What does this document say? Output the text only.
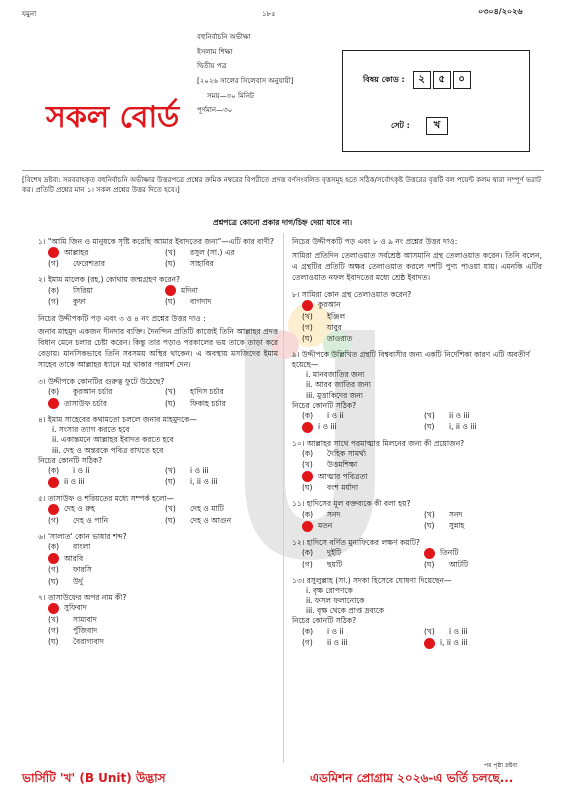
যমুনা	১৮৫	০৩০৪/২০২৬
বহুনির্বাচনি অভীক্ষা
ইসলাম শিক্ষা
দ্বিতীয় পত্র
[২০২৬ সালের সিলেবাস অনুযায়ী]
সময়—৩০ মিনিট
পূর্ণমান—৩০
সকল বোর্ড
বিষয় কোড :	২	৫	০
সেট :	খ
[বিশেষ দ্রষ্টব্য: সরবরাহকৃত বহুনির্বাচনি অভীক্ষার উত্তরপত্রে প্রশ্নের ক্রমিক নম্বরের বিপরীতে প্রদত্ত বর্ণসংবলিত বৃত্তসমূহ হতে সঠিক/সর্বোৎকৃষ্ট উত্তরের বৃত্তটি বল পয়েন্ট কলম দ্বারা সম্পূর্ণ ভরাট কর। প্রতিটি প্রশ্নের মান ১। সকল প্রশ্নের উত্তর দিতে হবে।]
প্রশ্নপত্রে কোনো প্রকার দাগ/চিহ্ন দেয়া যাবে না।
১। "আমি জিন ও মানুষকে সৃষ্টি করেছি আমার ইবাদতের জন্য"—এটি কার বাণী?
আল্লাহর	(খ)	রসুল (সা.) এর
(গ)	ফেরেশতার	(ঘ)	সাহাবির
২। ইমাম মালেক (রহ.) কোথায় জন্মগ্রহণ করেন?
(ক)	সিরিয়া	মদিনা
(গ)	কুফা	(ঘ)	বাগদাদ
নিচের উদ্দীপকটি পড় এবং ৩ ও ৪ নং প্রশ্নের উত্তর দাও :
জনাব মাহমুদ একজন দীনদার ব্যক্তি। দৈনন্দিন প্রতিটি কাজেই তিনি আল্লাহর প্রদত্ত বিধান মেনে চলার চেষ্টা করেন। কিন্তু তার পড়াও পরকালের ভয় তাকে তাড়া করে বেড়ায়। মানসিকভাবে তিনি সবসময় অস্থির থাকেন। এ অবস্থায় মসজিদের ইমাম সাহেব তাকে আল্লাহর ধ্যানে মগ্ন থাকার পরামর্শ দেন।
৩। উদ্দীপকে কোনটির গুরুত্ব ফুটে উঠেছে?
(ক)	কুরআন চর্চার	(খ)	হাদিস চর্চার
তাসাউফ চর্চার	(ঘ)	ফিকাহ চর্চার
৪। ইমাম সাহেবের কথামতো চললে জনাব মাহমুদকে—
i. সংসার ত্যাগ করতে হবে
ii. একান্তমনে আল্লাহর ইবাদত করতে হবে
iii. দেহ ও অন্তরকে পবিত্র রাখতে হবে
নিচের কোনটি সঠিক?
(ক)	i ও ii	(খ)	i ও iii
ii ও iii	(ঘ)	i, ii ও iii
৫। তাসাউফ ও শরিয়তের মধ্যে সম্পর্ক হলো—
দেহ ও রুহ	(খ)	দেহ ও মাটি
(গ)	দেহ ও পানি	(ঘ)	দেহ ও আগুন
৬। 'সালাত' কোন ভাষার শব্দ?
(ক)	বাংলা
আরবি
(গ)	ফারসি
(ঘ)	উর্দু
৭। তাসাউফের অপর নাম কী?
সুফিবাদ
(খ)	সাম্যবাদ
(গ)	পুঁজিবাদ
(ঘ)	বৈরাগ্যবাদ
নিচের উদ্দীপকটি পড় এবং ৮ ও ৯ নং প্রশ্নের উত্তর দাও:
সামিরা প্রতিদিন তেলাওয়াত সর্বশ্রেষ্ঠ আসমানি গ্রন্থ তেলাওয়াত করেন। তিনি বলেন, এ গ্রন্থটির প্রতিটি অক্ষর তেলাওয়াত করলে দশটি পুণ্য পাওয়া যায়। এমনকি এটির তেলাওয়াত নফল ইবাদতের মধ্যে শ্রেষ্ঠ ইবাদত।
৮। সামিরা কোন গ্রন্থ তেলাওয়াত করেন?
কুরআন
(খ)	ইঞ্জিল
(গ)	যাবুর
(ঘ)	তাওরাত
৯। উদ্দীপকে উল্লিখিত গ্রন্থটি বিশ্ববাসীর জন্য একটি নির্দেশিকা কারণ এটি অবতীর্ণ হয়েছে—
i. মানবজাতির জন্য
ii. আরব জাতির জন্য
iii. মুত্তাকিদের জন্য
নিচের কোনটি সঠিক?
(ক)	i ও ii	(খ)	ii ও iii
i ও iii	(ঘ)	i, ii ও iii
১০। আল্লাহর সাথে পরমাত্মার মিলনের জন্য কী প্রয়োজন?
(ক)	দৈহিক সামর্থ্য
(খ)	উত্তমশিক্ষা
আত্মার পবিত্রতা
(ঘ)	বংশ মর্যাদা
১১। হাদিসের মূল বক্তব্যকে কী বলা হয়?
(ক)	সনদ	(খ)	সনদ
মতন	(ঘ)	সুন্নাহ
১২। হাদিসে বর্ণিত মুনাফিকের লক্ষণ কয়টি?
(ক)	দুইটি	তিনটি
(গ)	ছয়টি	(ঘ)	আটটি
১৩। রসুলুল্লাহ (সা.) সদকা হিসেবে ঘোষণা দিয়েছেন—
i. বৃক্ষ রোপণকে
ii. ফসল ফলানোকে
iii. বৃক্ষ থেকে প্রাপ্ত দ্রব্যকে
নিচের কোনটি সঠিক?
(ক)	i ও ii	(খ)	i ও iii
(গ)	ii ও iii	i, ii ও iii
ভার্সিটি 'খ' (B Unit) উদ্ভাস	এডমিশন প্রোগ্রাম ২০২৬-এ ভর্তি চলছে...
পর পৃষ্ঠা দ্রষ্টব্য
